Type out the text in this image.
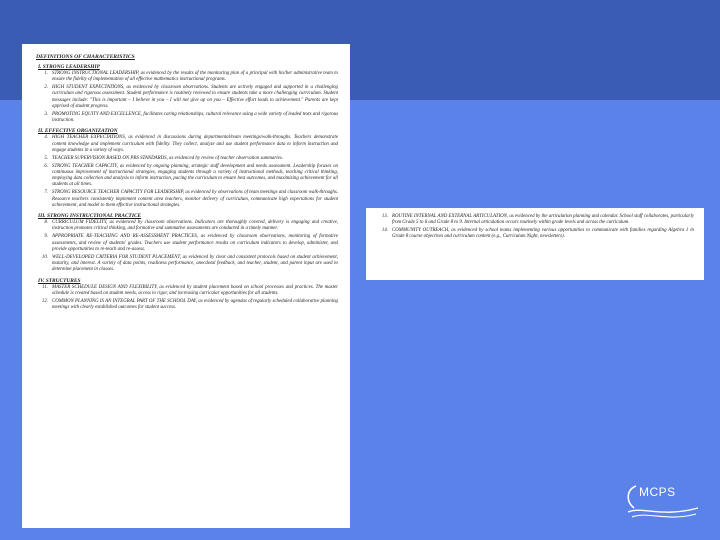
DEFINITIONS OF CHARACTERISTICS
I. STRONG LEADERSHIP
1. STRONG INSTRUCTIONAL LEADERSHIP, as evidenced by the results of the monitoring plan of a principal with his/her administrative team to ensure the fidelity of implementation of all effective mathematics instructional programs.
2. HIGH STUDENT EXPECTATIONS, as evidenced by classroom observations. Students are actively engaged and supported in a challenging curriculum and rigorous assessment. Student performance is routinely reviewed to ensure students take a more challenging curriculum. Student messages include: "This is important – I believe in you – I will not give up on you – Effective effort leads to achievement." Parents are kept apprised of student progress.
3. PROMOTING EQUITY AND EXCELLENCE, facilitates caring relationships, cultural relevance using a wide variety of leaded texts and rigorous instruction.
II. EFFECTIVE ORGANIZATION
4. HIGH TEACHER EXPECTATIONS, as evidenced in discussions during departmental/team meetings/walk-throughs. Teachers demonstrate content knowledge and implement curriculum with fidelity. They collect, analyze and use student performance data to inform instruction and engage students in a variety of ways.
5. TEACHER SUPERVISION BASED ON PBS STANDARDS, as evidenced by review of teacher observation summaries.
6. STRONG TEACHER CAPACITY, as evidenced by ongoing planning, strategic staff development and needs assessment. Leadership focuses on continuous improvement of instructional strategies, engaging students through a variety of instructional methods, teaching critical thinking, employing data collection and analysis to inform instruction, pacing the curriculum to ensure best outcomes, and maximizing achievement for all students at all times.
7. STRONG RESOURCE TEACHER CAPACITY FOR LEADERSHIP, as evidenced by observations of team meetings and classroom walk-throughs. Resource teachers consistently implement content area teachers, monitor delivery of curriculum, communicate high expectations for student achievement, and model to them effective instructional strategies.
III. STRONG INSTRUCTIONAL PRACTICE
8. CURRICULUM FIDELITY, as evidenced by classroom observations. Indicators are thoroughly covered, delivery is engaging and creative, instruction promotes critical thinking, and formative and summative assessments are conducted in a timely manner.
9. APPROPRIATE RE-TEACHING AND RE-ASSESSMENT PRACTICES, as evidenced by classroom observations, monitoring of formative assessments, and review of students' grades. Teachers use student performance results on curriculum indicators to develop, administer, and provide opportunities to re-teach and re-assess.
10. WELL-DEVELOPED CRITERIA FOR STUDENT PLACEMENT, as evidenced by clear and consistent protocols based on student achievement, maturity, and interest. A variety of data points, readiness performance, anecdotal feedback, and teacher, student, and parent input are used to determine placement in classes.
IV. STRUCTURES
11. MASTER SCHEDULE DESIGN AND FLEXIBILITY, as evidenced by student placement based on school processes and practices. The master schedule is created based on student needs, access to rigor, and increasing curricular opportunities for all students.
12. COMMON PLANNING IS AN INTEGRAL PART OF THE SCHOOL DAY, as evidenced by agendas of regularly scheduled collaborative planning meetings with clearly established outcomes for student success.
13. ROUTINE INTERNAL AND EXTERNAL ARTICULATION, as evidenced by the articulation planning and calendar. School staff collaborates, particularly from Grade 5 to 6 and Grade 8 to 9. Internal articulation occurs routinely within grade levels and across the curriculum.
14. COMMUNITY OUTREACH, as evidenced by school teams implementing various opportunities to communicate with families regarding Algebra 1 in Grade 8 course objectives and curriculum content (e.g., Curriculum Night, newsletters).
MCPS
